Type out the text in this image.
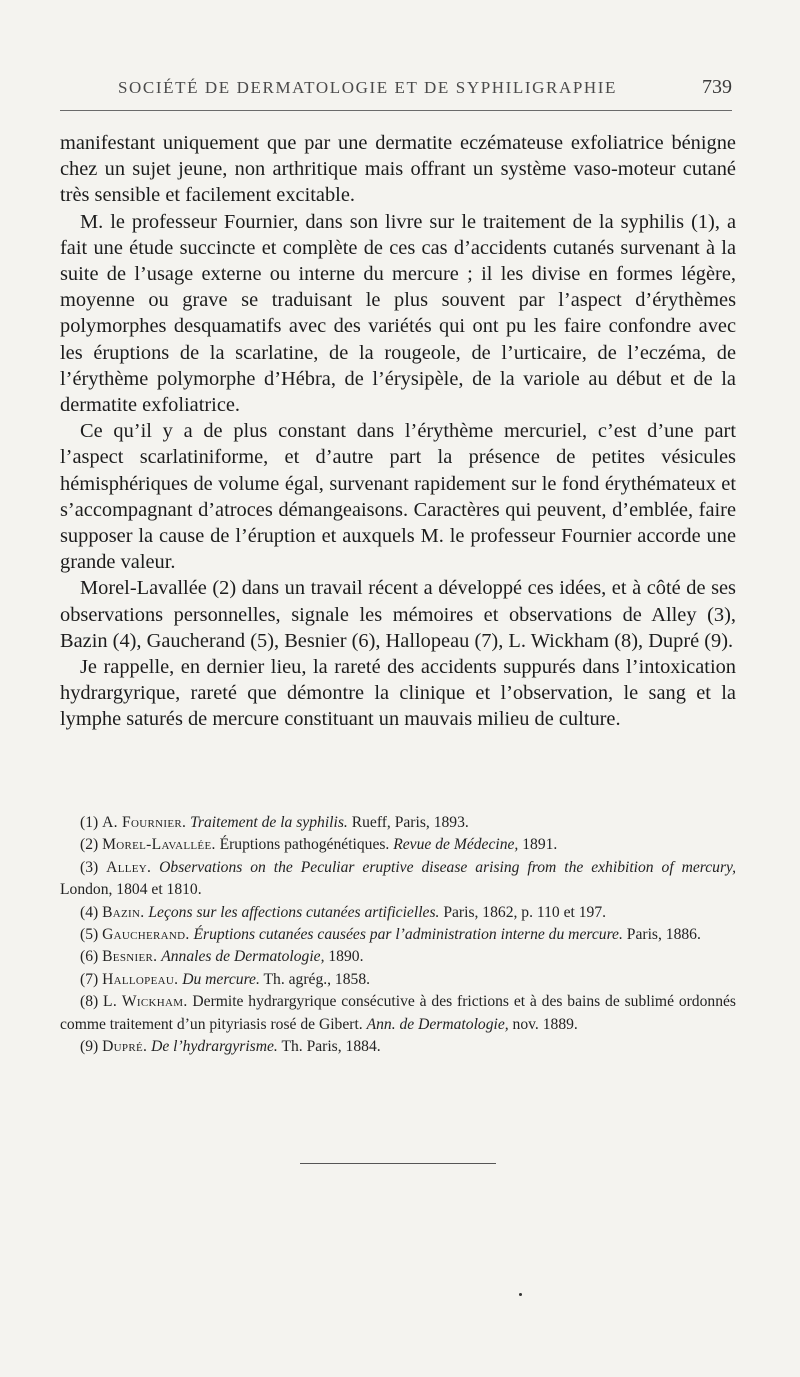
SOCIÉTÉ DE DERMATOLOGIE ET DE SYPHILIGRAPHIE	739

manifestant uniquement que par une dermatite eczémateuse exfoliatrice bénigne chez un sujet jeune, non arthritique mais offrant un système vaso-moteur cutané très sensible et facilement excitable.

M. le professeur Fournier, dans son livre sur le traitement de la syphilis (1), a fait une étude succincte et complète de ces cas d’accidents cutanés survenant à la suite de l’usage externe ou interne du mercure ; il les divise en formes légère, moyenne ou grave se traduisant le plus souvent par l’aspect d’érythèmes polymorphes desquamatifs avec des variétés qui ont pu les faire confondre avec les éruptions de la scarlatine, de la rougeole, de l’urticaire, de l’eczéma, de l’érythème polymorphe d’Hébra, de l’érysipèle, de la variole au début et de la dermatite exfoliatrice.

Ce qu’il y a de plus constant dans l’érythème mercuriel, c’est d’une part l’aspect scarlatiniforme, et d’autre part la présence de petites vésicules hémisphériques de volume égal, survenant rapidement sur le fond érythémateux et s’accompagnant d’atroces démangeaisons. Caractères qui peuvent, d’emblée, faire supposer la cause de l’éruption et auxquels M. le professeur Fournier accorde une grande valeur.

Morel-Lavallée (2) dans un travail récent a développé ces idées, et à côté de ses observations personnelles, signale les mémoires et observations de Alley (3), Bazin (4), Gaucherand (5), Besnier (6), Hallopeau (7), L. Wickham (8), Dupré (9).

Je rappelle, en dernier lieu, la rareté des accidents suppurés dans l’intoxication hydrargyrique, rareté que démontre la clinique et l’observation, le sang et la lymphe saturés de mercure constituant un mauvais milieu de culture.

(1) A. Fournier. Traitement de la syphilis. Rueff, Paris, 1893.

(2) Morel-Lavallée. Éruptions pathogénétiques. Revue de Médecine, 1891.

(3) Alley. Observations on the Peculiar eruptive disease arising from the exhibition of mercury, London, 1804 et 1810.

(4) Bazin. Leçons sur les affections cutanées artificielles. Paris, 1862, p. 110 et 197.

(5) Gaucherand. Éruptions cutanées causées par l’administration interne du mercure. Paris, 1886.

(6) Besnier. Annales de Dermatologie, 1890.

(7) Hallopeau. Du mercure. Th. agrég., 1858.

(8) L. Wickham. Dermite hydrargyrique consécutive à des frictions et à des bains de sublimé ordonnés comme traitement d’un pityriasis rosé de Gibert. Ann. de Dermatologie, nov. 1889.

(9) Dupré. De l’hydrargyrisme. Th. Paris, 1884.
